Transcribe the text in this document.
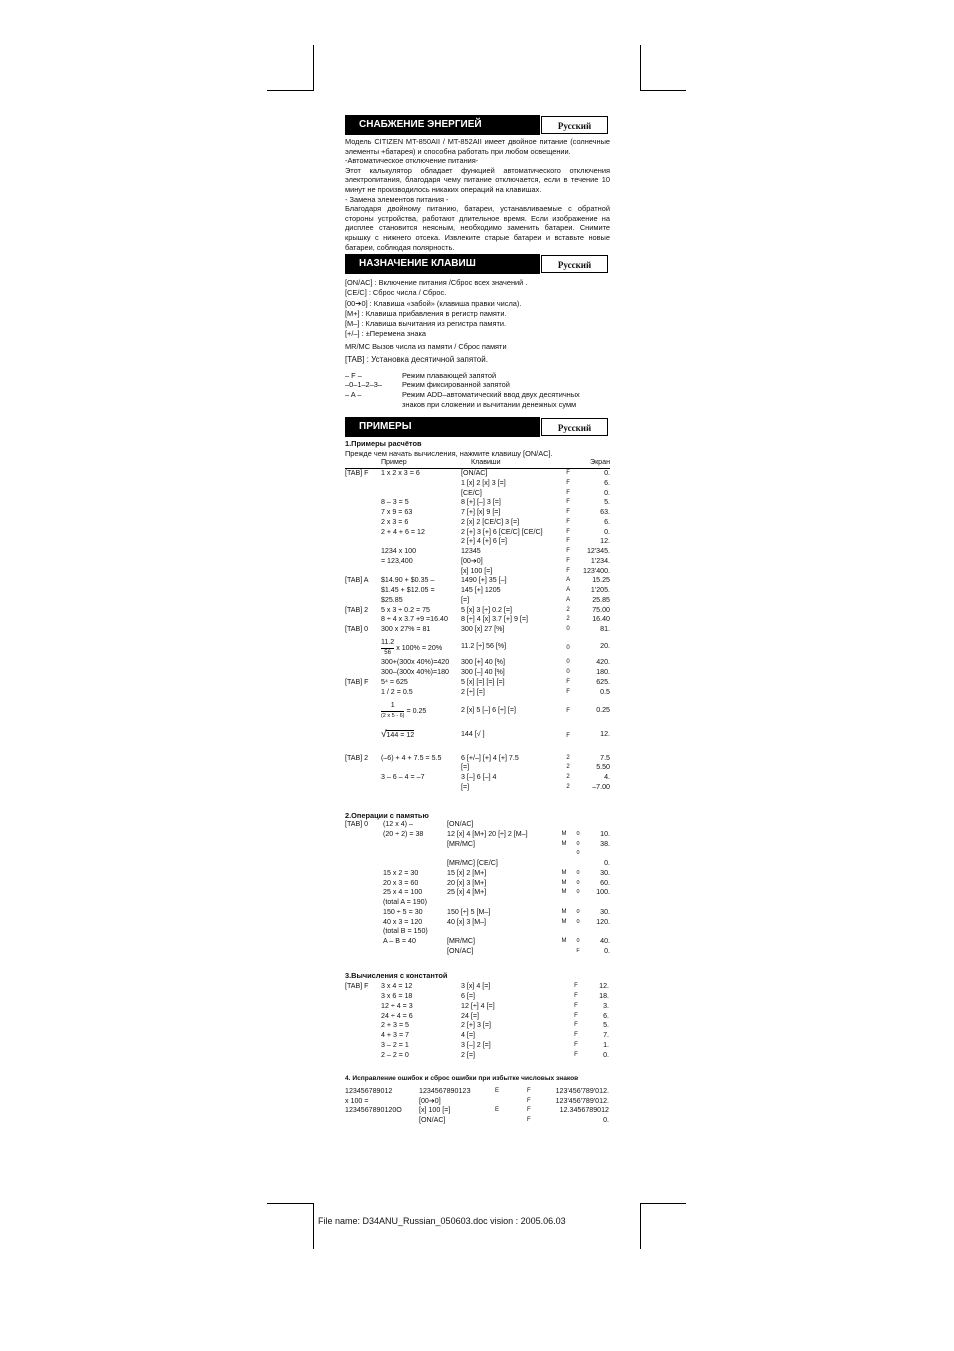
СНАБЖЕНИЕ ЭНЕРГИЕЙ	Русский

Модель CITIZEN MT-850AII / MT-852AII имеет двойное питание (солнечные элементы +батарея) и способна работать при любом освещении.

-Автоматическое отключение питания-

Этот калькулятор обладает функцией автоматического отключения электропитания, благодаря чему питание отключается, если в течение 10 минут не производилось никаких операций на клавишах.

- Замена элементов питания -

Благодаря двойному питанию, батареи, устанавливаемые с обратной стороны устройства, работают длительное время. Если изображение на дисплее становится неясным, необходимо заменить батареи. Снимите крышку с нижнего отсека. Извлеките старые батареи и вставьте новые батареи, соблюдая полярность.

НАЗНАЧЕНИЕ КЛАВИШ	Русский

[ON/AC] : Включение питания /Сброс всех значений .

[CE/C] : Сброс числа / Сброс.

[00➔0] : Клавиша «забой» (клавиша правки числа).

[M+] : Клавиша прибавления в регистр памяти.

[M–] : Клавиша вычитания из регистра памяти.

[+/–] : ±Перемена знака

MR/MC Вызов числа из памяти / Сброс памяти

[TAB] : Установка десятичной запятой.

– F –	Режим плавающей запятой
–0–1–2–3–	Режим фиксированной запятой
– A –	Режим ADD–автоматический ввод двух десятичных знаков при сложении и вычитании денежных сумм
ПРИМЕРЫ	Русский
1.Примеры расчётов
Прежде чем начать вычисления, нажмите клавишу [ON/AC].
	Пример	Клавиши		Экран
[TAB] F	1 x 2 x 3 = 6	[ON/AC]	F	0.
		1 [x] 2 [x] 3 [=]	F	6.
		[CE/C]	F	0.
	8 – 3 = 5	8 [+] [–] 3 [=]	F	5.
	7 x 9 = 63	7 [+] [x] 9 [=]	F	63.
	2 x 3 = 6	2 [x] 2 [CE/C] 3 [=]	F	6.
	2 + 4 + 6 = 12	2 [+] 3 [+] 6 [CE/C] [CE/C]	F	0.
		2 [+] 4 [+] 6 [=]	F	12.
	1234 x 100	12345	F	12'345.
	= 123,400	[00➔0]	F	1'234.
		[x] 100 [=]	F	123'400.
[TAB] A	$14.90 + $0.35 –	1490 [+] 35 [–]	A	15.25
	$1.45 + $12.05 =	145 [+] 1205	A	1'205.
	$25.85	[=]	A	25.85
[TAB] 2	5 x 3 ÷ 0.2 = 75	5 [x] 3 [÷] 0.2 [=]	2	75.00
	8 ÷ 4 x 3.7 +9 =16.40	8 [÷] 4 [x] 3.7 [+] 9 [=]	2	16.40
[TAB] 0	300 x 27% = 81	300 [x] 27 [%]	0	81.

	11.2
56
x 100% = 20%	11.2 [÷] 56 [%]	0	20.
	300+(300x 40%)=420	300 [+] 40 [%]	0	420.
	300–(300x 40%)=180	300 [–] 40 [%]	0	180.
[TAB] F	5⁴ = 625	5 [x] [=] [=] [=]	F	625.
	1 / 2 = 0.5	2 [÷] [=]	F	0.5

	1
(2 x 5 - 6)
= 0.25	2 [x] 5 [–] 6 [÷] [=]	F	0.25
	√144 = 12	144 [√ ]	F	12.

[TAB] 2	(–6) + 4 + 7.5 = 5.5	6 [+/–] [+] 4 [+] 7.5	2	7.5
		[=]	2	5.50
	3 – 6 – 4 = –7	3 [–] 6 [–] 4	2	4.
		[=]	2	–7.00
2.Операции с памятью
[TAB] 0	(12 x 4) –	[ON/AC]			
	(20 ÷ 2) = 38	12 [x] 4 [M+] 20 [÷] 2 [M–]	M	0	10.
		[MR/MC]	M	0	38.
				0	
		[MR/MC] [CE/C]			0.
	15 x 2 = 30	15 [x] 2 [M+]	M	0	30.
	20 x 3 = 60	20 [x] 3 [M+]	M	0	60.
	25 x 4 = 100	25 [x] 4 [M+]	M	0	100.
	(total A = 190)				
	150 ÷ 5 = 30	150 [÷] 5 [M–]	M	0	30.
	40 x 3 = 120	40 [x] 3 [M–]	M	0	120.
	(total B = 150)				
	A – B = 40	[MR/MC]	M	0	40.
		[ON/AC]		F	0.
3.Вычисления с константой
[TAB] F	3 x 4 = 12	3 [x] 4 [=]	F	12.
	3 x 6 = 18	6 [=]	F	18.
	12 ÷ 4 = 3	12 [÷] 4 [=]	F	3.
	24 ÷ 4 = 6	24 [=]	F	6.
	2 + 3 = 5	2 [+] 3 [=]	F	5.
	4 + 3 = 7	4 [=]	F	7.
	3 – 2 = 1	3 [–] 2 [=]	F	1.
	2 – 2 = 0	2 [=]	F	0.
4. Исправление ошибок и сброс ошибки при избытке числовых знаков
123456789012	123456789012З	E	F	123'456'789'012.
x 100 =	[00➔0]		F	123'456'789'012.
1234567890120О	[x] 100 [=]	E	F	12.3456789012
	[ON/AC]		F	0.
File name: D34ANU_Russian_050603.doc vision : 2005.06.03
